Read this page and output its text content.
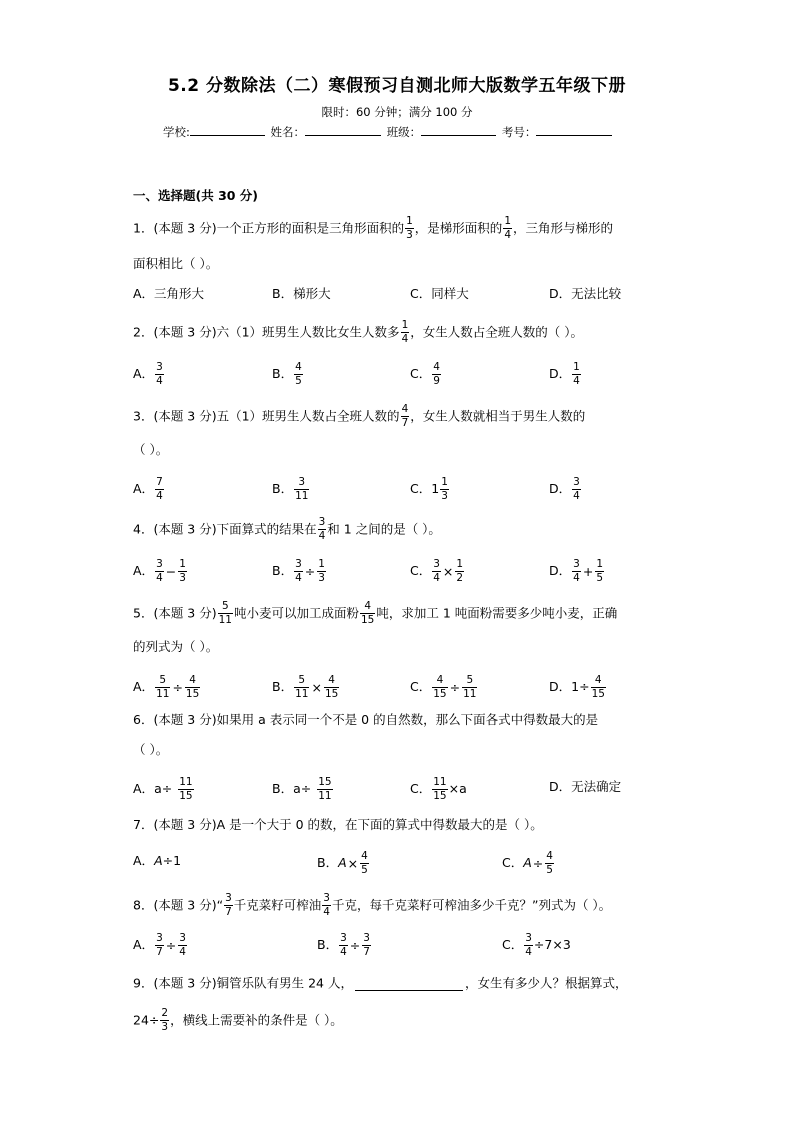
5.2 分数除法（二）寒假预习自测北师大版数学五年级下册
限时：60 分钟；满分 100 分
学校:	姓名：	班级：	考号：
一、选择题(共 30 分)
1．(本题 3 分)一个正方形的面积是三角形面积的 $\frac{1}{3}$ ，是梯形面积的 $\frac{1}{4}$ ，三角形与梯形的
面积相比（ ）。
A．三角形大	B．梯形大	C．同样大	D．无法比较
2．(本题 3 分)六（1）班男生人数比女生人数多 $\frac{1}{4}$ ，女生人数占全班人数的（ ）。
A． $\frac{3}{4}$	B． $\frac{4}{5}$	C． $\frac{4}{9}$	D． $\frac{1}{4}$
3．(本题 3 分)五（1）班男生人数占全班人数的 $\frac{4}{7}$ ，女生人数就相当于男生人数的
（ ）。
A． $\frac{7}{4}$	B． $\frac{3}{11}$	C．$1 \frac{1}{3}$	D． $\frac{3}{4}$
4．(本题 3 分)下面算式的结果在 $\frac{3}{4}$ 和 1 之间的是（ ）。
A． $\frac{3}{4} - \frac{1}{3}$	B． $\frac{3}{4} \div \frac{1}{3}$	C． $\frac{3}{4} \times \frac{1}{2}$	D． $\frac{3}{4} + \frac{1}{5}$
5．(本题 3 分) $\frac{5}{11}$ 吨小麦可以加工成面粉 $\frac{4}{15}$ 吨，求加工 1 吨面粉需要多少吨小麦，正确
的列式为（ ）。
A． $\frac{5}{11} \div \frac{4}{15}$	B． $\frac{5}{11} \times \frac{4}{15}$	C． $\frac{4}{15} \div \frac{5}{11}$	D．$1\div \frac{4}{15}$
6．(本题 3 分)如果用 a 表示同一个不是 0 的自然数，那么下面各式中得数最大的是
（ ）。
A．$a\div \frac{11}{15}$	B．$a\div \frac{15}{11}$	C． $\frac{11}{15} \times a$	D．无法确定
7．(本题 3 分)A 是一个大于 0 的数，在下面的算式中得数最大的是（ ）。
A．A÷1	B．$A\times \frac{4}{5}$	C．$A\div \frac{4}{5}$
8．(本题 3 分)“ $\frac{3}{7}$ 千克菜籽可榨油 $\frac{3}{4}$ 千克，每千克菜籽可榨油多少千克？”列式为（ ）。
A． $\frac{3}{7} \div \frac{3}{4}$	B． $\frac{3}{4} \div \frac{3}{7}$	C． $\frac{3}{4} \div 7\times 3$
9．(本题 3 分)铜管乐队有男生 24 人，	，女生有多少人？根据算式，
$24\div \frac{2}{3}$ ，横线上需要补的条件是（ ）。
